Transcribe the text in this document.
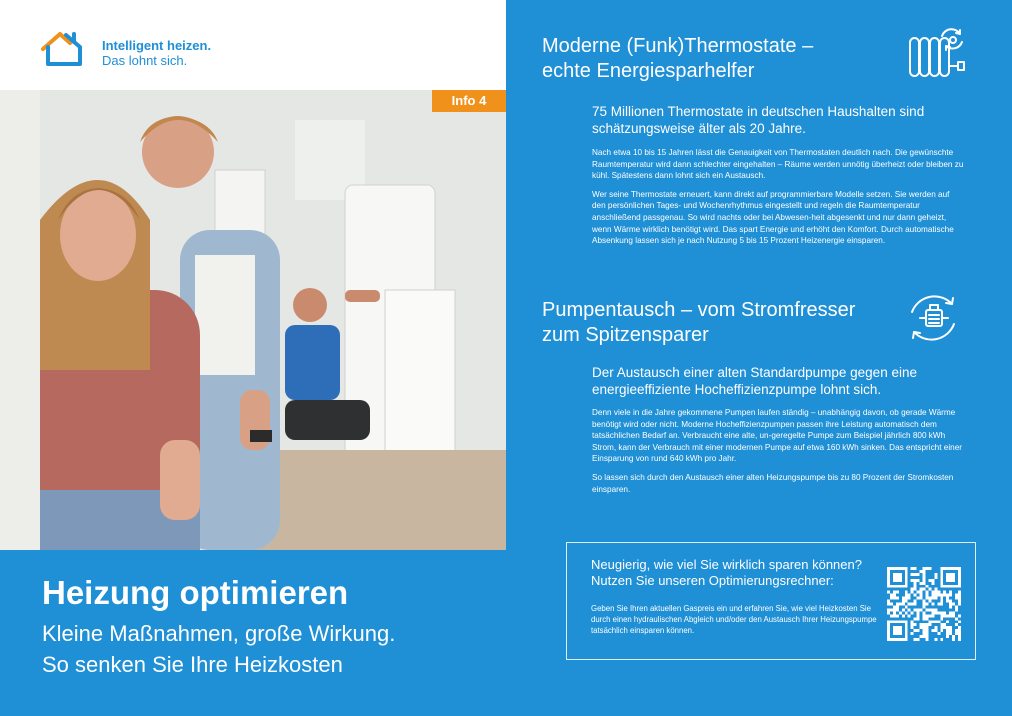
Intelligent heizen.
Das lohnt sich.
Info 4
Heizung optimieren
Kleine Maßnahmen, große Wirkung.
So senken Sie Ihre Heizkosten
Moderne (Funk)Thermostate –
echte Energiesparhelfer
75 Millionen Thermostate in deutschen Haushalten sind schätzungsweise älter als 20 Jahre.

Nach etwa 10 bis 15 Jahren lässt die Genauigkeit von Thermostaten deutlich nach. Die gewünschte Raumtemperatur wird dann schlechter eingehalten – Räume werden unnötig überheizt oder bleiben zu kühl. Spätestens dann lohnt sich ein Austausch.

Wer seine Thermostate erneuert, kann direkt auf programmierbare Modelle setzen. Sie werden auf den persönlichen Tages- und Wochenrhythmus eingestellt und regeln die Raumtemperatur anschließend passgenau. So wird nachts oder bei Abwesen-heit abgesenkt und nur dann geheizt, wenn Wärme wirklich benötigt wird. Das spart Energie und erhöht den Komfort. Durch automatische Absenkung lassen sich je nach Nutzung 5 bis 15 Prozent Heizenergie einsparen.

Pumpentausch – vom Stromfresser
zum Spitzensparer
Der Austausch einer alten Standardpumpe gegen eine energieeffiziente Hocheffizienzpumpe lohnt sich.

Denn viele in die Jahre gekommene Pumpen laufen ständig – unabhängig davon, ob gerade Wärme benötigt wird oder nicht. Moderne Hocheffizienzpumpen passen ihre Leistung automatisch dem tatsächlichen Bedarf an. Verbraucht eine alte, un-geregelte Pumpe zum Beispiel jährlich 800 kWh Strom, kann der Verbrauch mit einer modernen Pumpe auf etwa 160 kWh sinken. Das entspricht einer Einsparung von rund 640 kWh pro Jahr.

So lassen sich durch den Austausch einer alten Heizungspumpe bis zu 80 Prozent der Stromkosten einsparen.

Neugierig, wie viel Sie wirklich sparen können? Nutzen Sie unseren Optimierungsrechner:
Geben Sie Ihren aktuellen Gaspreis ein und erfahren Sie, wie viel Heizkosten Sie durch einen hydraulischen Abgleich und/oder den Austausch Ihrer Heizungspumpe tatsächlich einsparen können.
